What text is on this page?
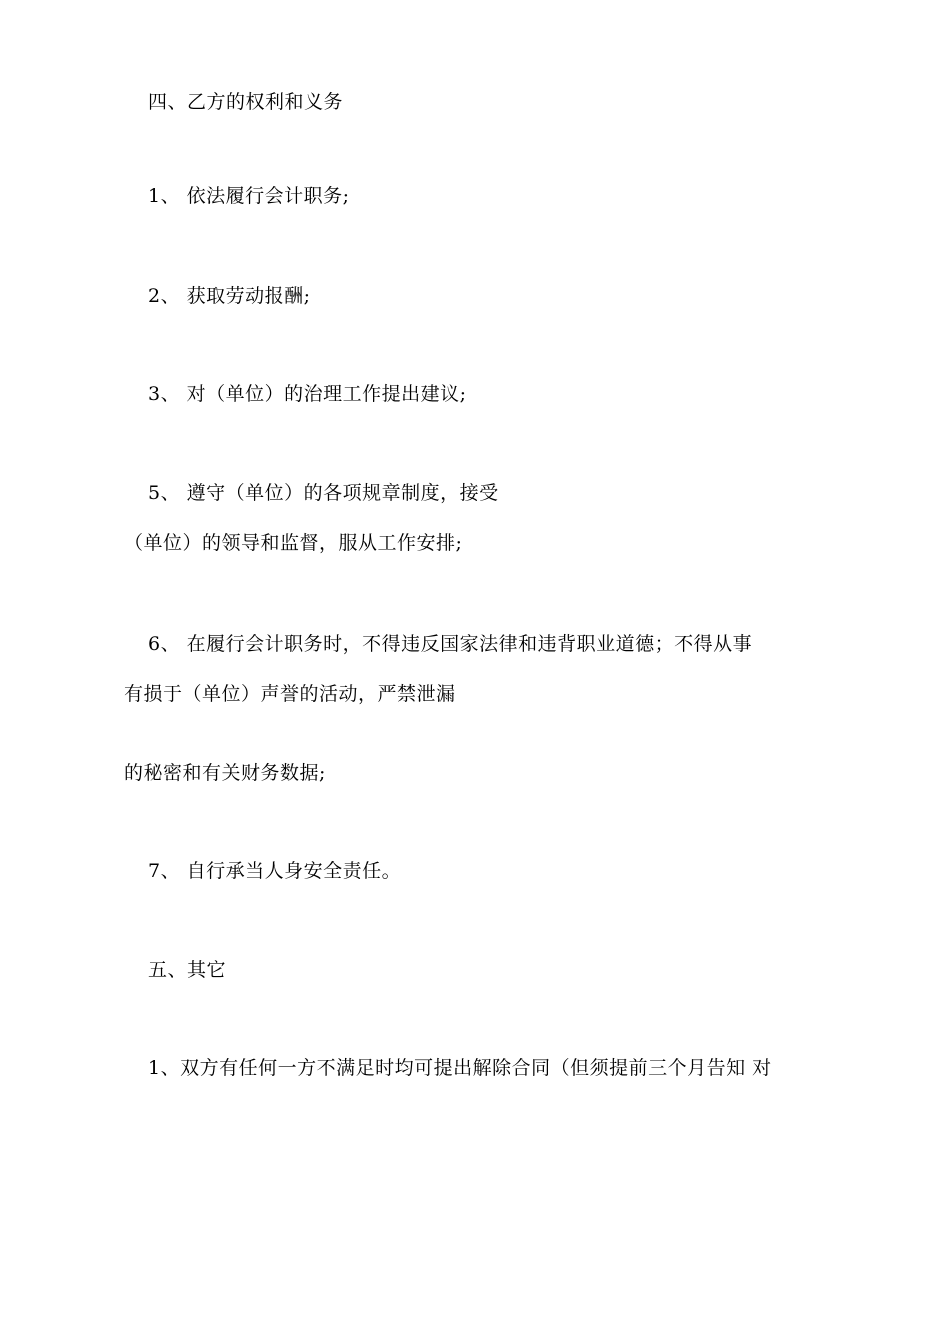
四、乙方的权利和义务
1、 依法履行会计职务;
2、 获取劳动报酬;
3、 对（单位）的治理工作提出建议;
5、 遵守（单位）的各项规章制度，接受
（单位）的领导和监督，服从工作安排;
6、 在履行会计职务时，不得违反国家法律和违背职业道德；不得从事
有损于（单位）声誉的活动，严禁泄漏
的秘密和有关财务数据;
7、 自行承当人身安全责任。
五、其它
1、双方有任何一方不满足时均可提出解除合同（但须提前三个月告知 对
